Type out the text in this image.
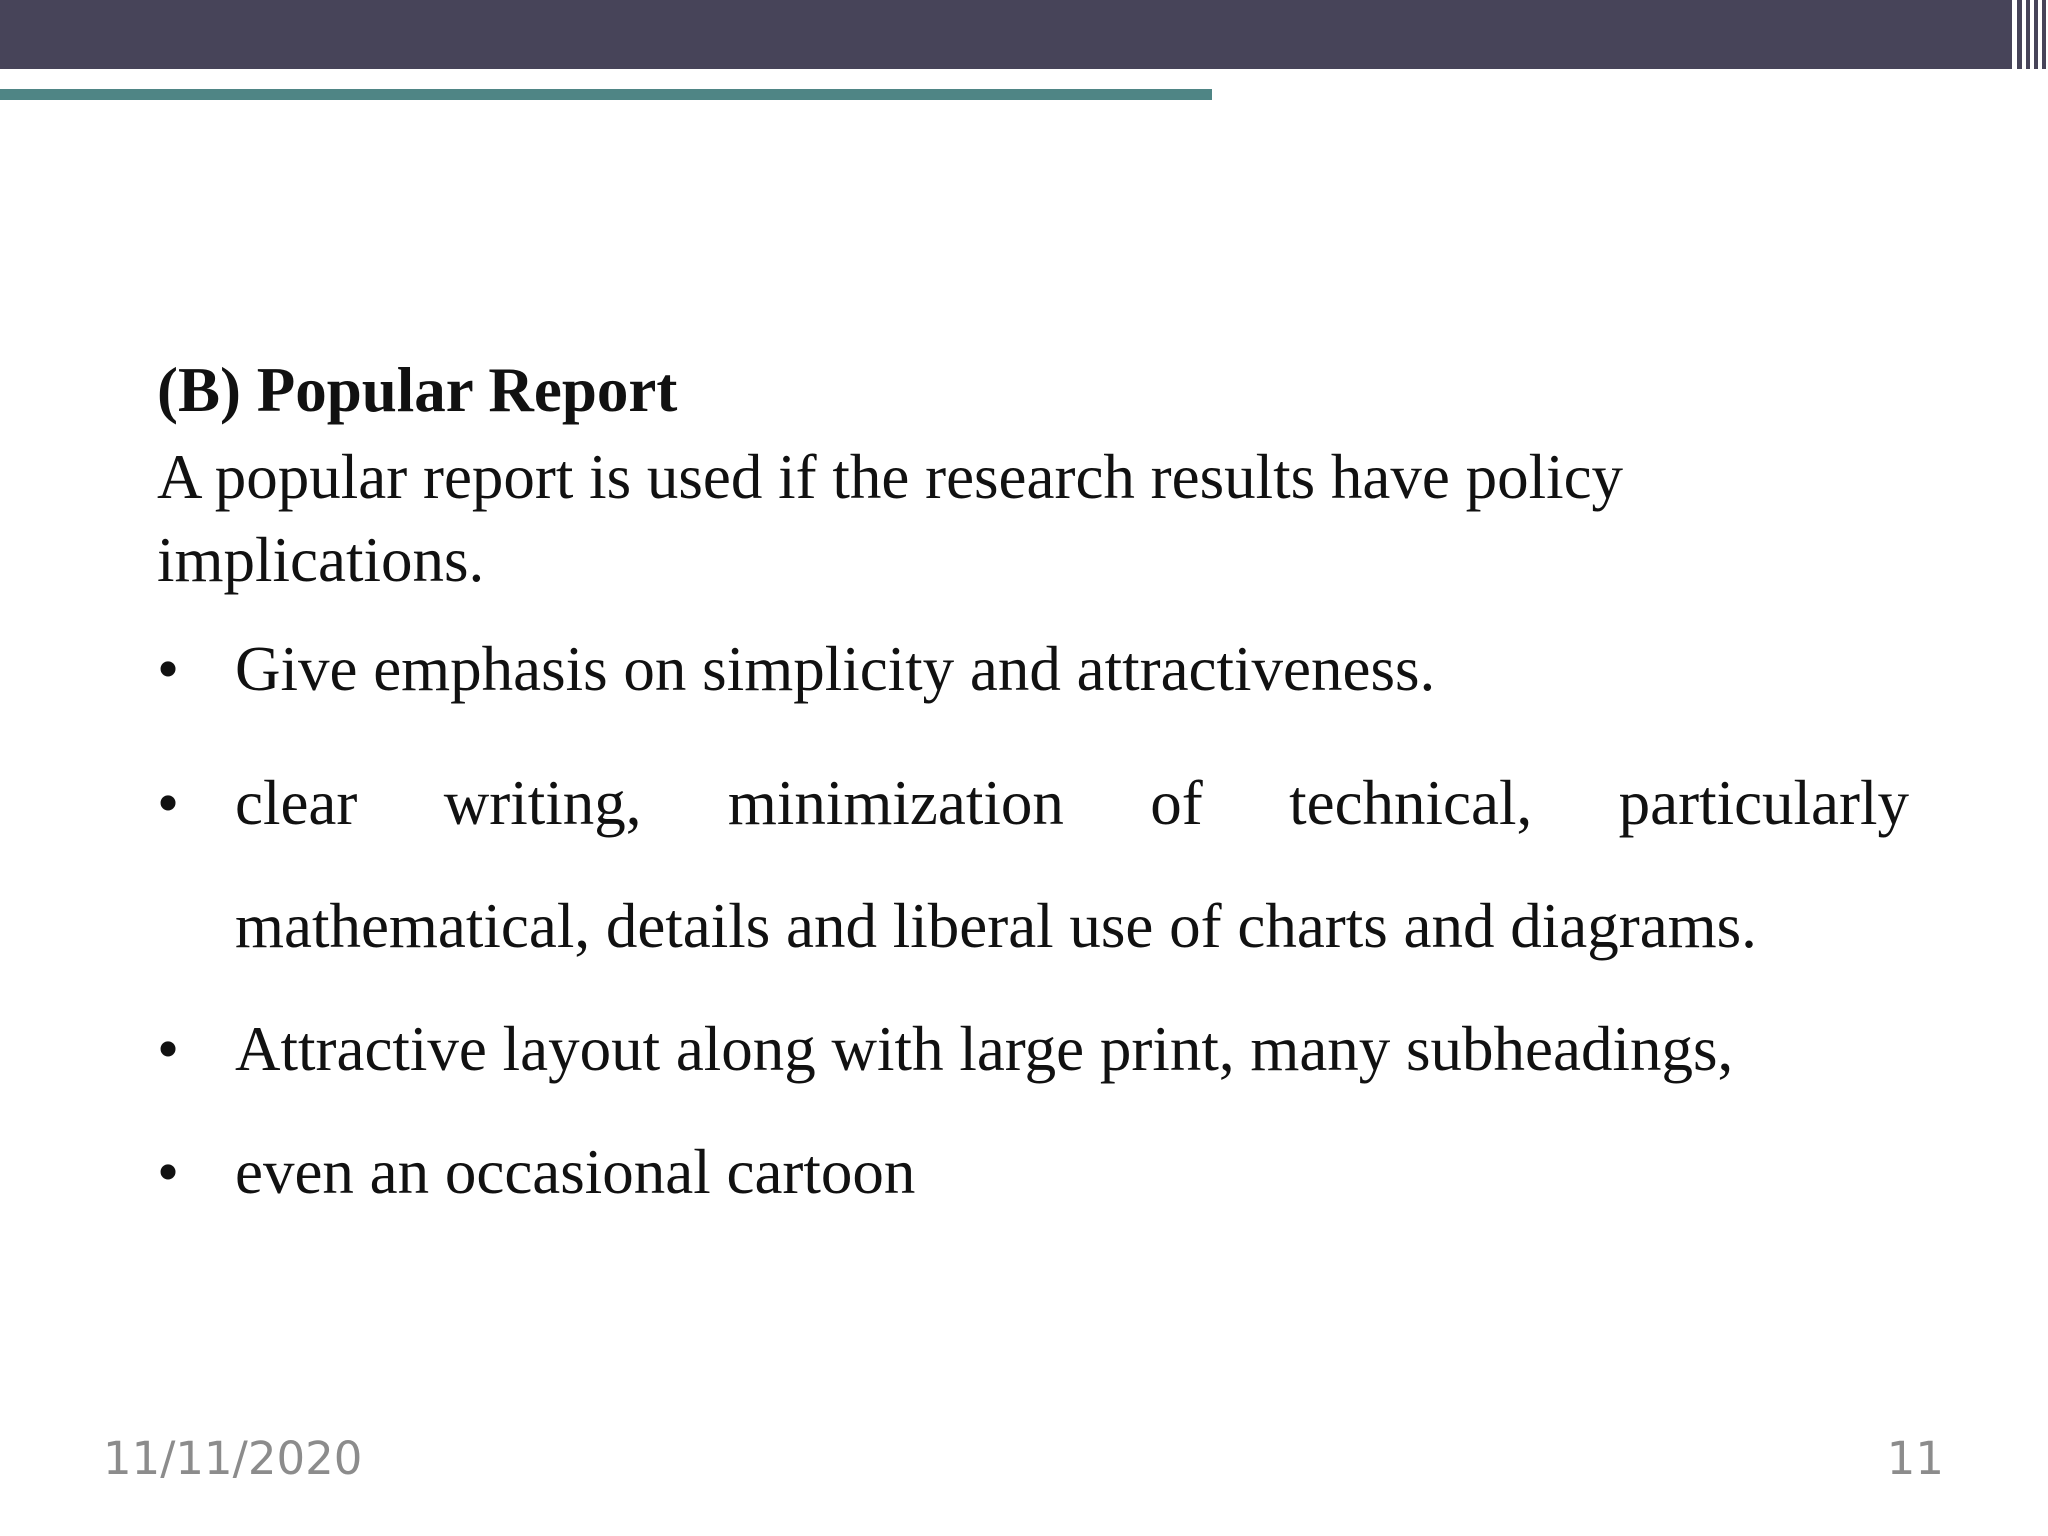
(B) Popular Report
A popular report is used if the research results have policy implications.
• Give emphasis on simplicity and attractiveness.
• clear writing, minimization of technical, particularly mathematical, details and liberal use of charts and diagrams.
• Attractive layout along with large print, many subheadings,
• even an occasional cartoon
11/11/2020	11
